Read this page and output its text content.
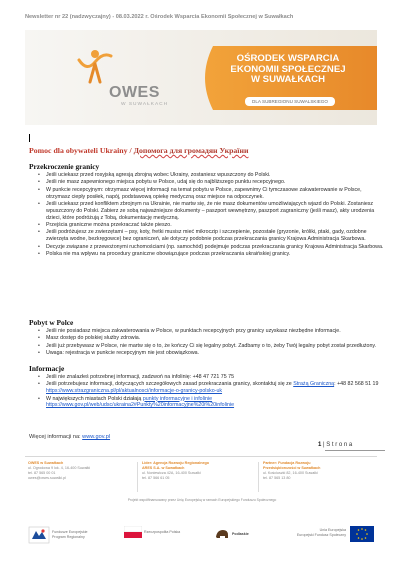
Newsletter nr 22 (nadzwyczajny) - 08.03.2022 r. Ośrodek Wsparcia Ekonomii Społecznej w Suwałkach
OWES
W SUWAŁKACH
OŚRODEK WSPARCIA
EKONOMII SPOŁECZNEJ
W SUWAŁKACH
DLA SUBREGIONU SUWALSKIEGO
Pomoc dla obywateli Ukrainy / Допомога для громадян України
Przekroczenie granicy
• Jeśli uciekasz przed rosyjską agresją zbrojną wobec Ukrainy, zostaniesz wpuszczony do Polski.
• Jeśli nie masz zapewnionego miejsca pobytu w Polsce, udaj się do najbliższego punktu recepcyjnego.
• W punkcie recepcyjnym: otrzymasz więcej informacji na temat pobytu w Polsce, zapewnimy Ci tymczasowe zakwaterowanie w Polsce, otrzymasz ciepły posiłek, napój, podstawową opiekę medyczną oraz miejsce na odpoczynek.
• Jeśli uciekasz przed konfliktem zbrojnym na Ukrainie, nie martw się, że nie masz dokumentów umożliwiających wjazd do Polski. Zostaniesz wpuszczony do Polski. Zabierz ze sobą najważniejsze dokumenty – paszport wewnętrzny, paszport zagraniczny (jeśli masz), akty urodzenia dzieci, które podróżują z Tobą, dokumentację medyczną.
• Przejścia graniczne można przekraczać także pieszo.
• Jeśli podróżujesz ze zwierzętami – psy, koty, fretki musisz mieć mikroczip i szczepienie, pozostałe (gryzonie, króliki, ptaki, gady, ozdobne zwierzęta wodne, bezkręgowce) bez ograniczeń, ale dotyczy podobnie podczas przekraczania granicy Krajowa Administracja Skarbowa.
• Decyzje związane z przewożonymi ruchomościami (np. samochód) podejmuje podczas przekraczania granicy Krajowa Administracja Skarbowa.
• Polska nie ma wpływu na procedury graniczne obowiązujące podczas przekraczania ukraińskiej granicy.
Pobyt w Polce
• Jeśli nie posiadasz miejsca zakwaterowania w Polsce, w punktach recepcyjnych przy granicy uzyskasz niezbędne informacje.
• Masz dostęp do polskiej służby zdrowia.
• Jeśli już przebywasz w Polsce, nie martw się o to, że kończy Ci się legalny pobyt. Zadbamy o to, żeby Twój legalny pobyt został przedłużony.
• Uwaga: rejestracja w punkcie recepcyjnym nie jest obowiązkowa.
Informacje
• Jeśli nie znalazłeś potrzebnej informacji, zadzwoń na infolinię: +48 47 721 75 75
• Jeśli potrzebujesz informacji, dotyczących szczegółowych zasad przekraczania granicy, skontaktuj się ze Strażą Graniczną: +48 82 568 51 19
https://www.strazgraniczna.pl/pl/aktualnosci/informacje-o-granicy-polsko-uk
• W największych miastach Polski działają punkty informacyjne i infolinie
https://www.gov.pl/web/udsc/ukraina2#Punkty%20informacyjne%20i%20infolinie
Więcej informacji na: www.gov.pl
1 | S t r o n a
OWES w Suwałkach
ul. Ogrodowa 9 lok. 4, 16-400 Suwałki
tel. 87 565 00 01
owes@owes.suwalki.pl
Lider: Agencja Rozwoju Regionalnego
ARES S.A. w Suwałkach
ul. Noniewicza 42A, 16-400 Suwałki
tel. 87 566 61 05
Partner: Fundacja Rozwoju
Przedsiębiorczości w Suwałkach
ul. Kościuszki 82, 16-400 Suwałki
tel. 87 565 13 80
Projekt współfinansowany przez Unię Europejską w ramach Europejskiego Funduszu Społecznego
Fundusze Europejskie
Program Regionalny
Rzeczpospolita Polska	Podlaskie
Unia Europejska
Europejski Fundusz Społeczny
